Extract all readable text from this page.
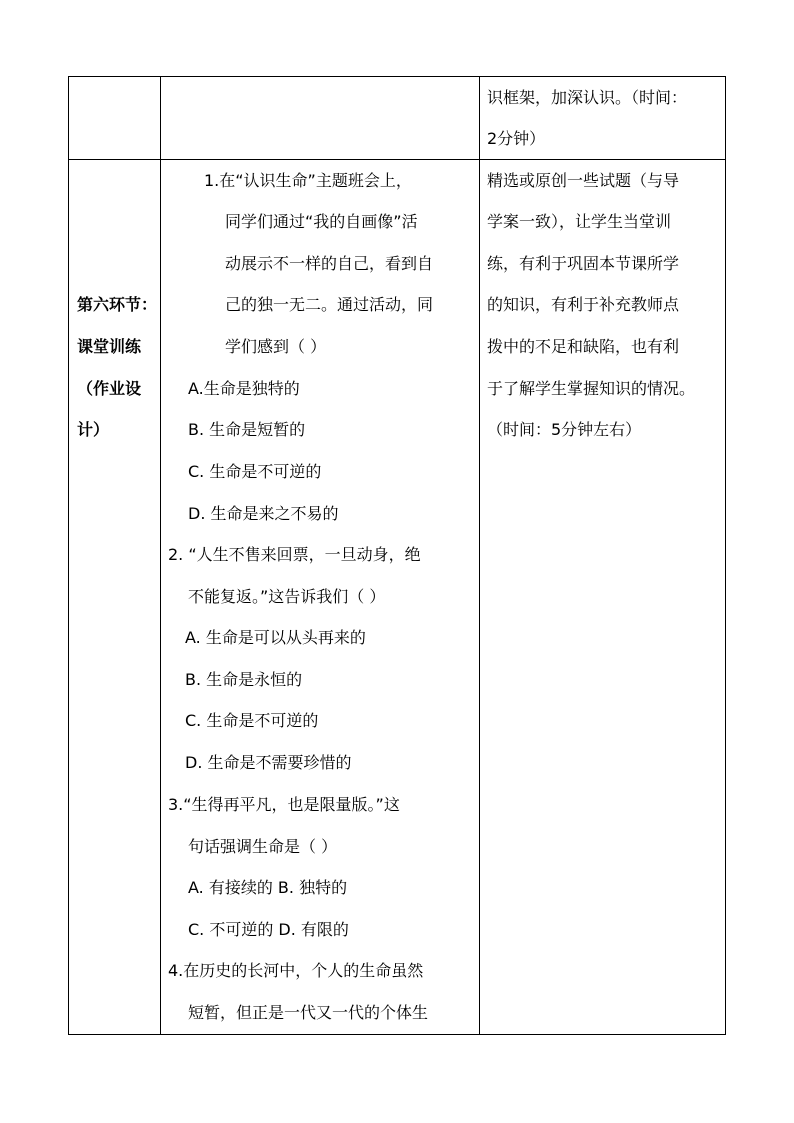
识框架，加深认识。（时间：
2分钟）
第六环节：
课堂训练
（作业设
计）
1.在“认识生命”主题班会上，
同学们通过“我的自画像”活
动展示不一样的自己，看到自
己的独一无二。通过活动，同
学们感到（ ）
A.生命是独特的
B. 生命是短暂的
C. 生命是不可逆的
D. 生命是来之不易的
2. “人生不售来回票，一旦动身，绝
不能复返。”这告诉我们（ ）
A. 生命是可以从头再来的
B. 生命是永恒的
C. 生命是不可逆的
D. 生命是不需要珍惜的
3.“生得再平凡，也是限量版。”这
句话强调生命是（ ）
A. 有接续的 B. 独特的
C. 不可逆的 D. 有限的
4.在历史的长河中，个人的生命虽然
短暂，但正是一代又一代的个体生
精选或原创一些试题（与导
学案一致），让学生当堂训
练，有利于巩固本节课所学
的知识，有利于补充教师点
拨中的不足和缺陷，也有利
于了解学生掌握知识的情况。
（时间：5分钟左右）
